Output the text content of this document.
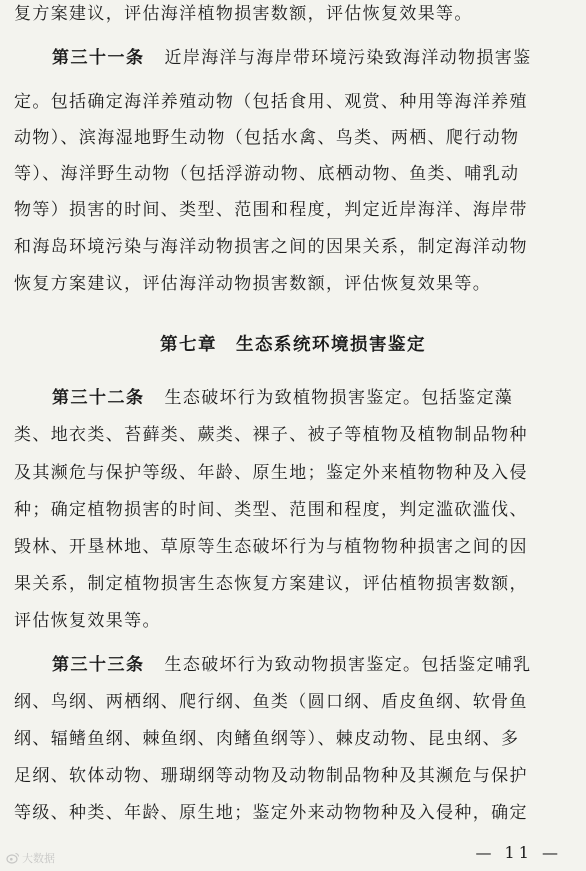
复方案建议，评估海洋植物损害数额，评估恢复效果等。
第三十一条 近岸海洋与海岸带环境污染致海洋动物损害鉴
定。包括确定海洋养殖动物（包括食用、观赏、种用等海洋养殖
动物）、滨海湿地野生动物（包括水禽、鸟类、两栖、爬行动物
等）、海洋野生动物（包括浮游动物、底栖动物、鱼类、哺乳动
物等）损害的时间、类型、范围和程度，判定近岸海洋、海岸带
和海岛环境污染与海洋动物损害之间的因果关系，制定海洋动物
恢复方案建议，评估海洋动物损害数额，评估恢复效果等。
第七章　生态系统环境损害鉴定
第三十二条 生态破坏行为致植物损害鉴定。包括鉴定藻
类、地衣类、苔藓类、蕨类、裸子、被子等植物及植物制品物种
及其濒危与保护等级、年龄、原生地；鉴定外来植物物种及入侵
种；确定植物损害的时间、类型、范围和程度，判定滥砍滥伐、
毁林、开垦林地、草原等生态破坏行为与植物物种损害之间的因
果关系，制定植物损害生态恢复方案建议，评估植物损害数额，
评估恢复效果等。
第三十三条 生态破坏行为致动物损害鉴定。包括鉴定哺乳
纲、鸟纲、两栖纲、爬行纲、鱼类（圆口纲、盾皮鱼纲、软骨鱼
纲、辐鳍鱼纲、棘鱼纲、肉鳍鱼纲等）、棘皮动物、昆虫纲、多
足纲、软体动物、珊瑚纲等动物及动物制品物种及其濒危与保护
等级、种类、年龄、原生地；鉴定外来动物物种及入侵种，确定
— 11 —
大数据
